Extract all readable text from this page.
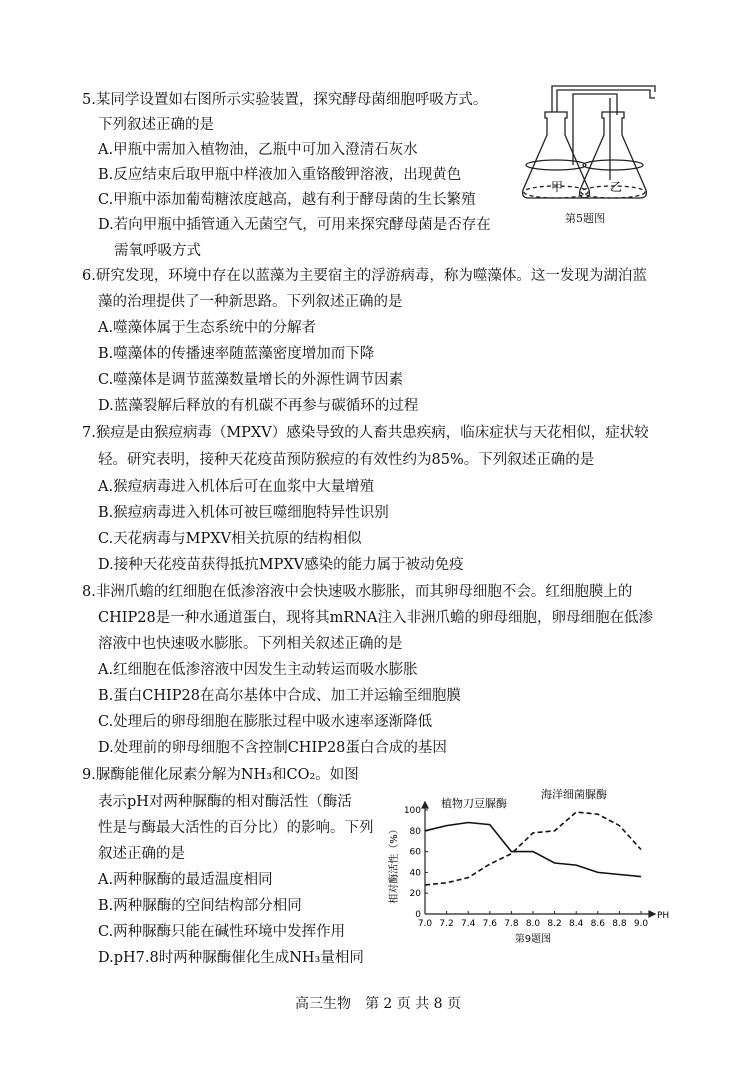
5.某同学设置如右图所示实验装置，探究酵母菌细胞呼吸方式。
下列叙述正确的是
A.甲瓶中需加入植物油，乙瓶中可加入澄清石灰水
B.反应结束后取甲瓶中样液加入重铬酸钾溶液，出现黄色
C.甲瓶中添加葡萄糖浓度越高，越有利于酵母菌的生长繁殖
D.若向甲瓶中插管通入无菌空气，可用来探究酵母菌是否存在
需氧呼吸方式
甲	乙
第5题图
6.研究发现，环境中存在以蓝藻为主要宿主的浮游病毒，称为噬藻体。这一发现为湖泊蓝
藻的治理提供了一种新思路。下列叙述正确的是
A.噬藻体属于生态系统中的分解者
B.噬藻体的传播速率随蓝藻密度增加而下降
C.噬藻体是调节蓝藻数量增长的外源性调节因素
D.蓝藻裂解后释放的有机碳不再参与碳循环的过程
7.猴痘是由猴痘病毒（MPXV）感染导致的人畜共患疾病，临床症状与天花相似，症状较
轻。研究表明，接种天花疫苗预防猴痘的有效性约为85%。下列叙述正确的是
A.猴痘病毒进入机体后可在血浆中大量增殖
B.猴痘病毒进入机体可被巨噬细胞特异性识别
C.天花病毒与MPXV相关抗原的结构相似
D.接种天花疫苗获得抵抗MPXV感染的能力属于被动免疫
8.非洲爪蟾的红细胞在低渗溶液中会快速吸水膨胀，而其卵母细胞不会。红细胞膜上的
CHIP28是一种水通道蛋白，现将其mRNA注入非洲爪蟾的卵母细胞，卵母细胞在低渗
溶液中也快速吸水膨胀。下列相关叙述正确的是
A.红细胞在低渗溶液中因发生主动转运而吸水膨胀
B.蛋白CHIP28在高尔基体中合成、加工并运输至细胞膜
C.处理后的卵母细胞在膨胀过程中吸水速率逐渐降低
D.处理前的卵母细胞不含控制CHIP28蛋白合成的基因
9.脲酶能催化尿素分解为NH₃和CO₂。如图
表示pH对两种脲酶的相对酶活性（酶活
性是与酶最大活性的百分比）的影响。下列
叙述正确的是
A.两种脲酶的最适温度相同
B.两种脲酶的空间结构部分相同
C.两种脲酶只能在碱性环境中发挥作用
D.pH7.8时两种脲酶催化生成NH₃量相同
7.0 7.2 7.4 7.6 7.8 8.0 8.2 8.4 8.6 8.8 9.0
0
20
40
60
80
100
植物刀豆脲酶
海洋细菌脲酶
相对酶活性（%）
PH
第9题图
高三生物　第 2 页 共 8 页
